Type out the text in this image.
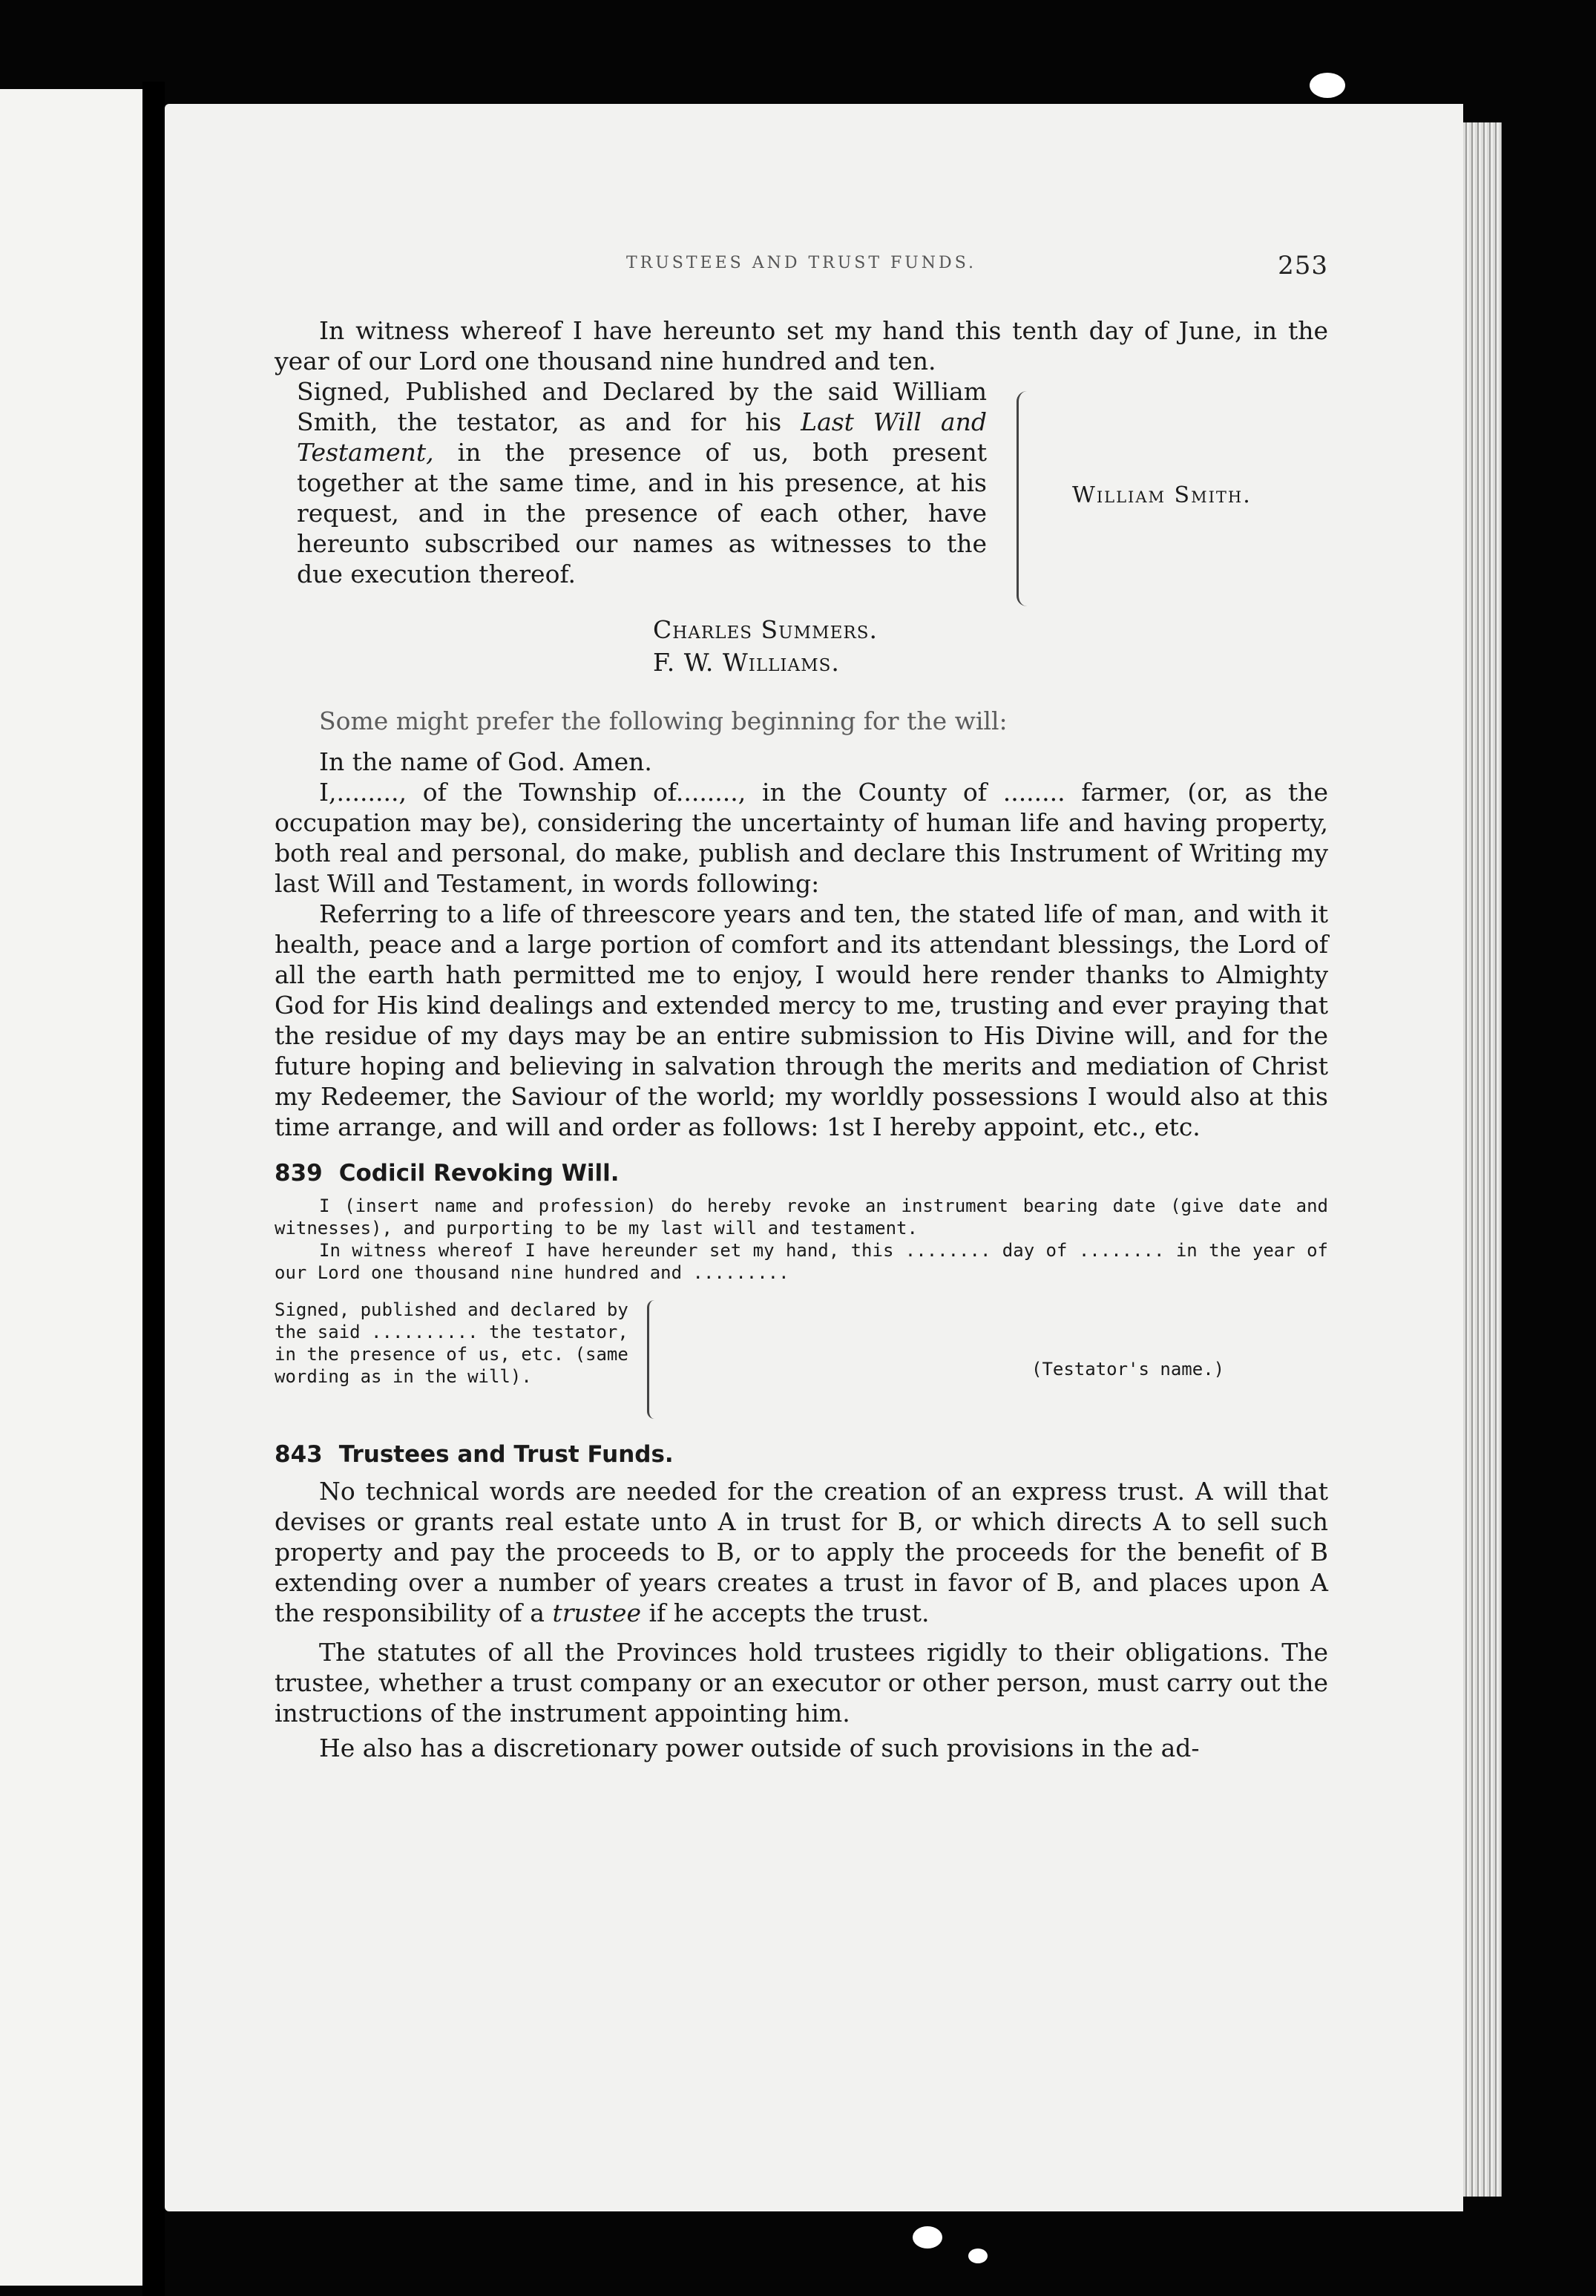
TRUSTEES AND TRUST FUNDS.	253

In witness whereof I have hereunto set my hand this tenth day of June, in the year of our Lord one thousand nine hundred and ten.

Signed, Published and Declared by the said William Smith, the testator, as and for his Last Will and Testament, in the presence of us, both present together at the same time, and in his presence, at his request, and in the presence of each other, have hereunto subscribed our names as witnesses to the due execution thereof.

William Smith.
Charles Summers.
F. W. Williams.

Some might prefer the following beginning for the will:

In the name of God. Amen.

I,........, of the Township of........, in the County of ........ farmer, (or, as the occupation may be), considering the uncertainty of human life and having property, both real and personal, do make, publish and declare this Instrument of Writing my last Will and Testament, in words following:

Referring to a life of threescore years and ten, the stated life of man, and with it health, peace and a large portion of comfort and its attendant blessings, the Lord of all the earth hath permitted me to enjoy, I would here render thanks to Almighty God for His kind dealings and extended mercy to me, trusting and ever praying that the residue of my days may be an entire submission to His Divine will, and for the future hoping and believing in salvation through the merits and mediation of Christ my Redeemer, the Saviour of the world; my worldly possessions I would also at this time arrange, and will and order as follows: 1st I hereby appoint, etc., etc.

839 Codicil Revoking Will.

I (insert name and profession) do hereby revoke an instrument bearing date (give date and witnesses), and purporting to be my last will and testament.

In witness whereof I have hereunder set my hand, this ........ day of ........ in the year of our Lord one thousand nine hundred and .........

Signed, published and declared by the said .......... the testator, in the presence of us, etc. (same wording as in the will).	(Testator's name.)
843 Trustees and Trust Funds.

No technical words are needed for the creation of an express trust. A will that devises or grants real estate unto A in trust for B, or which directs A to sell such property and pay the proceeds to B, or to apply the proceeds for the benefit of B extending over a number of years creates a trust in favor of B, and places upon A the responsibility of a trustee if he accepts the trust.

The statutes of all the Provinces hold trustees rigidly to their obligations. The trustee, whether a trust company or an executor or other person, must carry out the instructions of the instrument appointing him.

He also has a discretionary power outside of such provisions in the ad-
